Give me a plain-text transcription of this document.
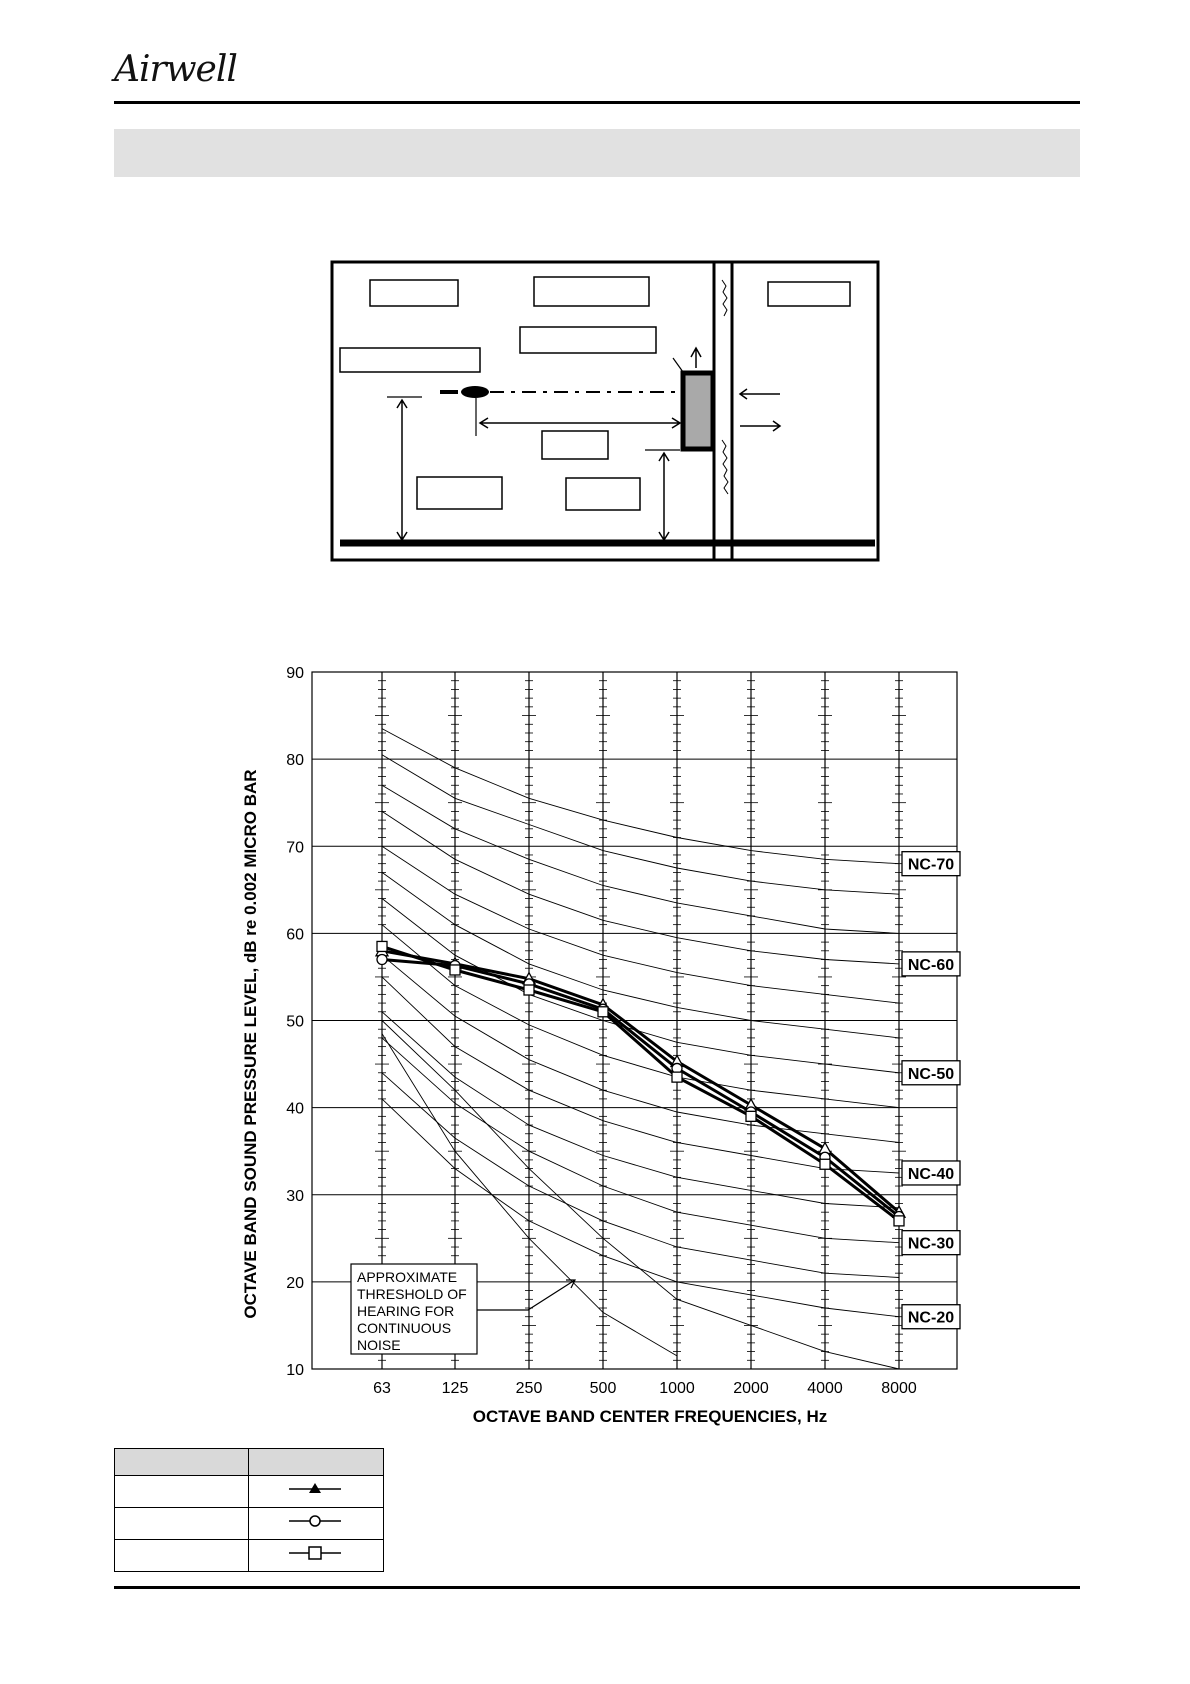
Airwell
NC-70
NC-60
NC-50
NC-40
NC-30
NC-20
10
20
30
40
50
60
70
80
90
63	125	250	500	1000 2000 4000 8000
APPROXIMATE
THRESHOLD OF
HEARING FOR
CONTINUOUS
NOISE
OCTAVE BAND SOUND PRESSURE LEVEL, dB re 0.002 MICRO BAR
OCTAVE BAND CENTER FREQUENCIES, Hz
